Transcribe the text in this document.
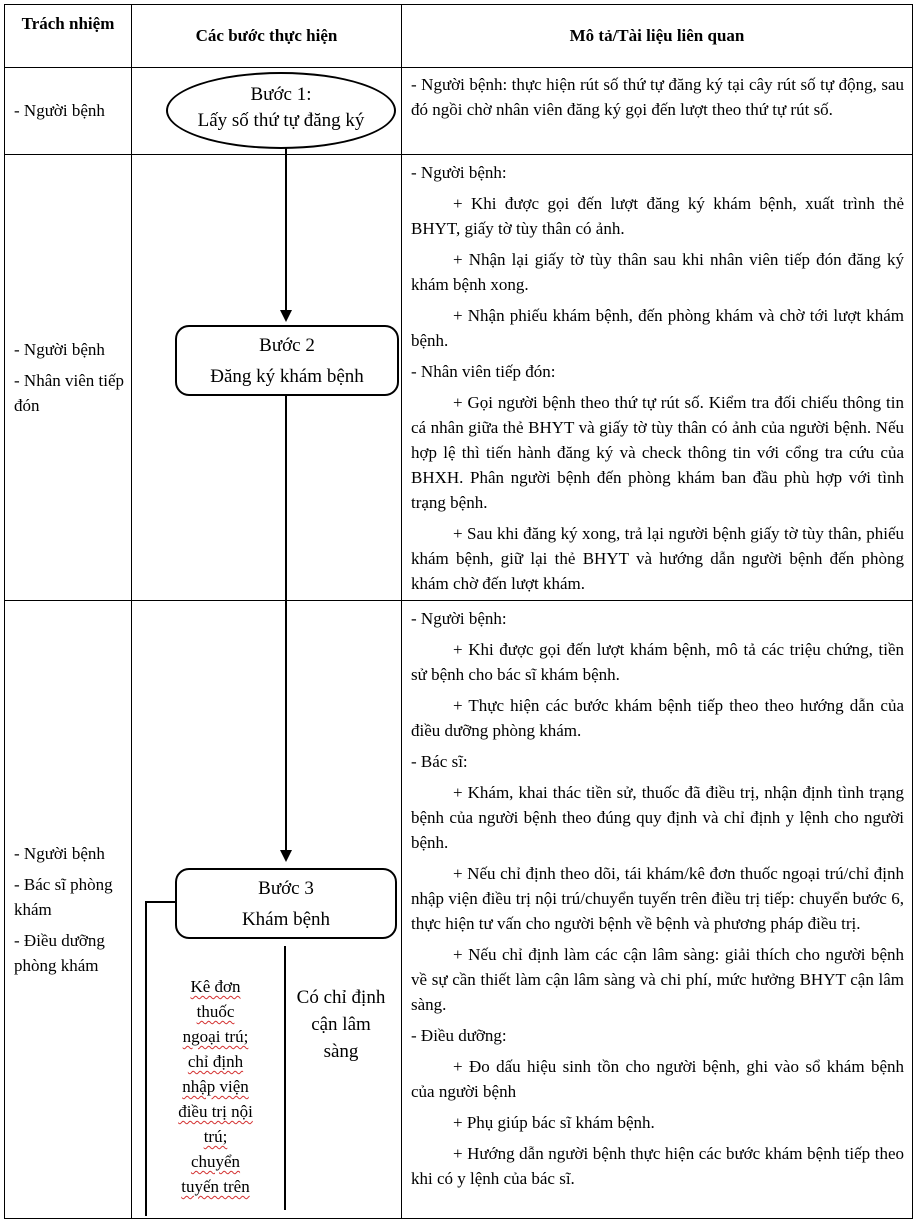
Trách nhiệm
Các bước thực hiện	Mô tả/Tài liệu liên quan
- Người bệnh
Bước 1:
Lấy số thứ tự đăng ký

- Người bệnh: thực hiện rút số thứ tự đăng ký tại cây rút số tự động, sau đó ngồi chờ nhân viên đăng ký gọi đến lượt theo thứ tự rút số.

- Người bệnh
- Nhân viên tiếp đón
Bước 2
Đăng ký khám bệnh

- Người bệnh:

+ Khi được gọi đến lượt đăng ký khám bệnh, xuất trình thẻ BHYT, giấy tờ tùy thân có ảnh.

+ Nhận lại giấy tờ tùy thân sau khi nhân viên tiếp đón đăng ký khám bệnh xong.

+ Nhận phiếu khám bệnh, đến phòng khám và chờ tới lượt khám bệnh.

- Nhân viên tiếp đón:

+ Gọi người bệnh theo thứ tự rút số. Kiểm tra đối chiếu thông tin cá nhân giữa thẻ BHYT và giấy tờ tùy thân có ảnh của người bệnh. Nếu hợp lệ thì tiến hành đăng ký và check thông tin với cổng tra cứu của BHXH. Phân người bệnh đến phòng khám ban đầu phù hợp với tình trạng bệnh.

+ Sau khi đăng ký xong, trả lại người bệnh giấy tờ tùy thân, phiếu khám bệnh, giữ lại thẻ BHYT và hướng dẫn người bệnh đến phòng khám chờ đến lượt khám.

- Người bệnh
- Bác sĩ phòng khám
- Điều dưỡng phòng khám
Bước 3
Khám bệnh
Kê đơn
thuốc
ngoại trú;
chỉ định
nhập viện
điều trị nội
trú;
chuyển
tuyến trên
Có chỉ định
cận lâm
sàng

- Người bệnh:

+ Khi được gọi đến lượt khám bệnh, mô tả các triệu chứng, tiền sử bệnh cho bác sĩ khám bệnh.

+ Thực hiện các bước khám bệnh tiếp theo theo hướng dẫn của điều dưỡng phòng khám.

- Bác sĩ:

+ Khám, khai thác tiền sử, thuốc đã điều trị, nhận định tình trạng bệnh của người bệnh theo đúng quy định và chỉ định y lệnh cho người bệnh.

+ Nếu chỉ định theo dõi, tái khám/kê đơn thuốc ngoại trú/chỉ định nhập viện điều trị nội trú/chuyển tuyến trên điều trị tiếp: chuyển bước 6, thực hiện tư vấn cho người bệnh về bệnh và phương pháp điều trị.

+ Nếu chỉ định làm các cận lâm sàng: giải thích cho người bệnh về sự cần thiết làm cận lâm sàng và chi phí, mức hưởng BHYT cận lâm sàng.

- Điều dưỡng:

+ Đo dấu hiệu sinh tồn cho người bệnh, ghi vào sổ khám bệnh của người bệnh

+ Phụ giúp bác sĩ khám bệnh.

+ Hướng dẫn người bệnh thực hiện các bước khám bệnh tiếp theo khi có y lệnh của bác sĩ.
